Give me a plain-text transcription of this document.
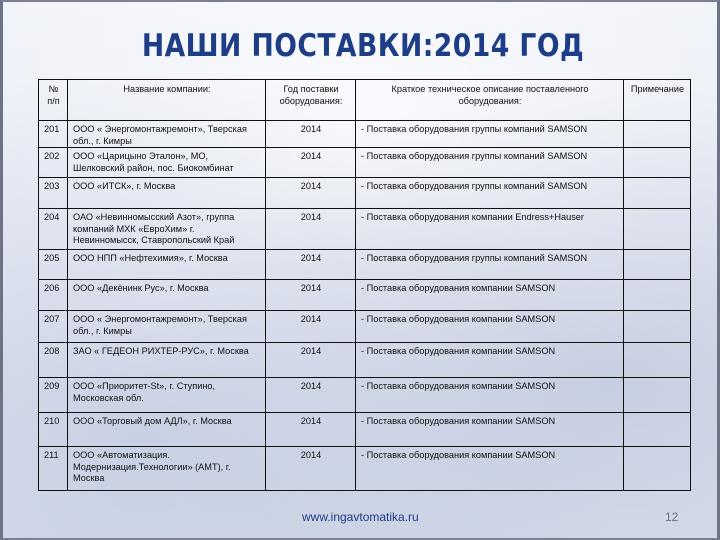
НАШИ ПОСТАВКИ:2014 ГОД
№ п/п	Название компании:	Год поставки оборудования:	Краткое техническое описание поставленного оборудования:	Примечание
201	ООО « Энергомонтажремонт», Тверская обл., г. Кимры	2014	- Поставка оборудования группы компаний SAMSON	
202	ООО «Царицыно Эталон», МО, Шелковский район, пос. Биокомбинат	2014	- Поставка оборудования группы компаний SAMSON	
203	ООО «ИТСК», г. Москва	2014	- Поставка оборудования группы компаний SAMSON	
204	ОАО «Невинномысский Азот», группа компаний МХК «ЕвроХим» г. Невинномысск, Ставропольский Край	2014	- Поставка оборудования компании Endress+Hauser	
205	ООО НПП «Нефтехимия», г. Москва	2014	- Поставка оборудования группы компаний SAMSON	
206	ООО «Декёнинк Рус», г. Москва	2014	- Поставка оборудования компании SAMSON	
207	ООО « Энергомонтажремонт», Тверская обл., г. Кимры	2014	- Поставка оборудования компании SAMSON	
208	ЗАО « ГЕДЕОН РИХТЕР-РУС», г. Москва	2014	- Поставка оборудования компании SAMSON	
209	ООО «Приоритет-St», г. Ступино, Московская обл.	2014	- Поставка оборудования компании SAMSON	
210	ООО «Торговый дом АДЛ», г. Москва	2014	- Поставка оборудования компании SAMSON	
211	ООО «Автоматизация. Модернизация.Технологии» (АМТ), г. Москва	2014	- Поставка оборудования компании SAMSON	
www.ingavtomatika.ru	12
